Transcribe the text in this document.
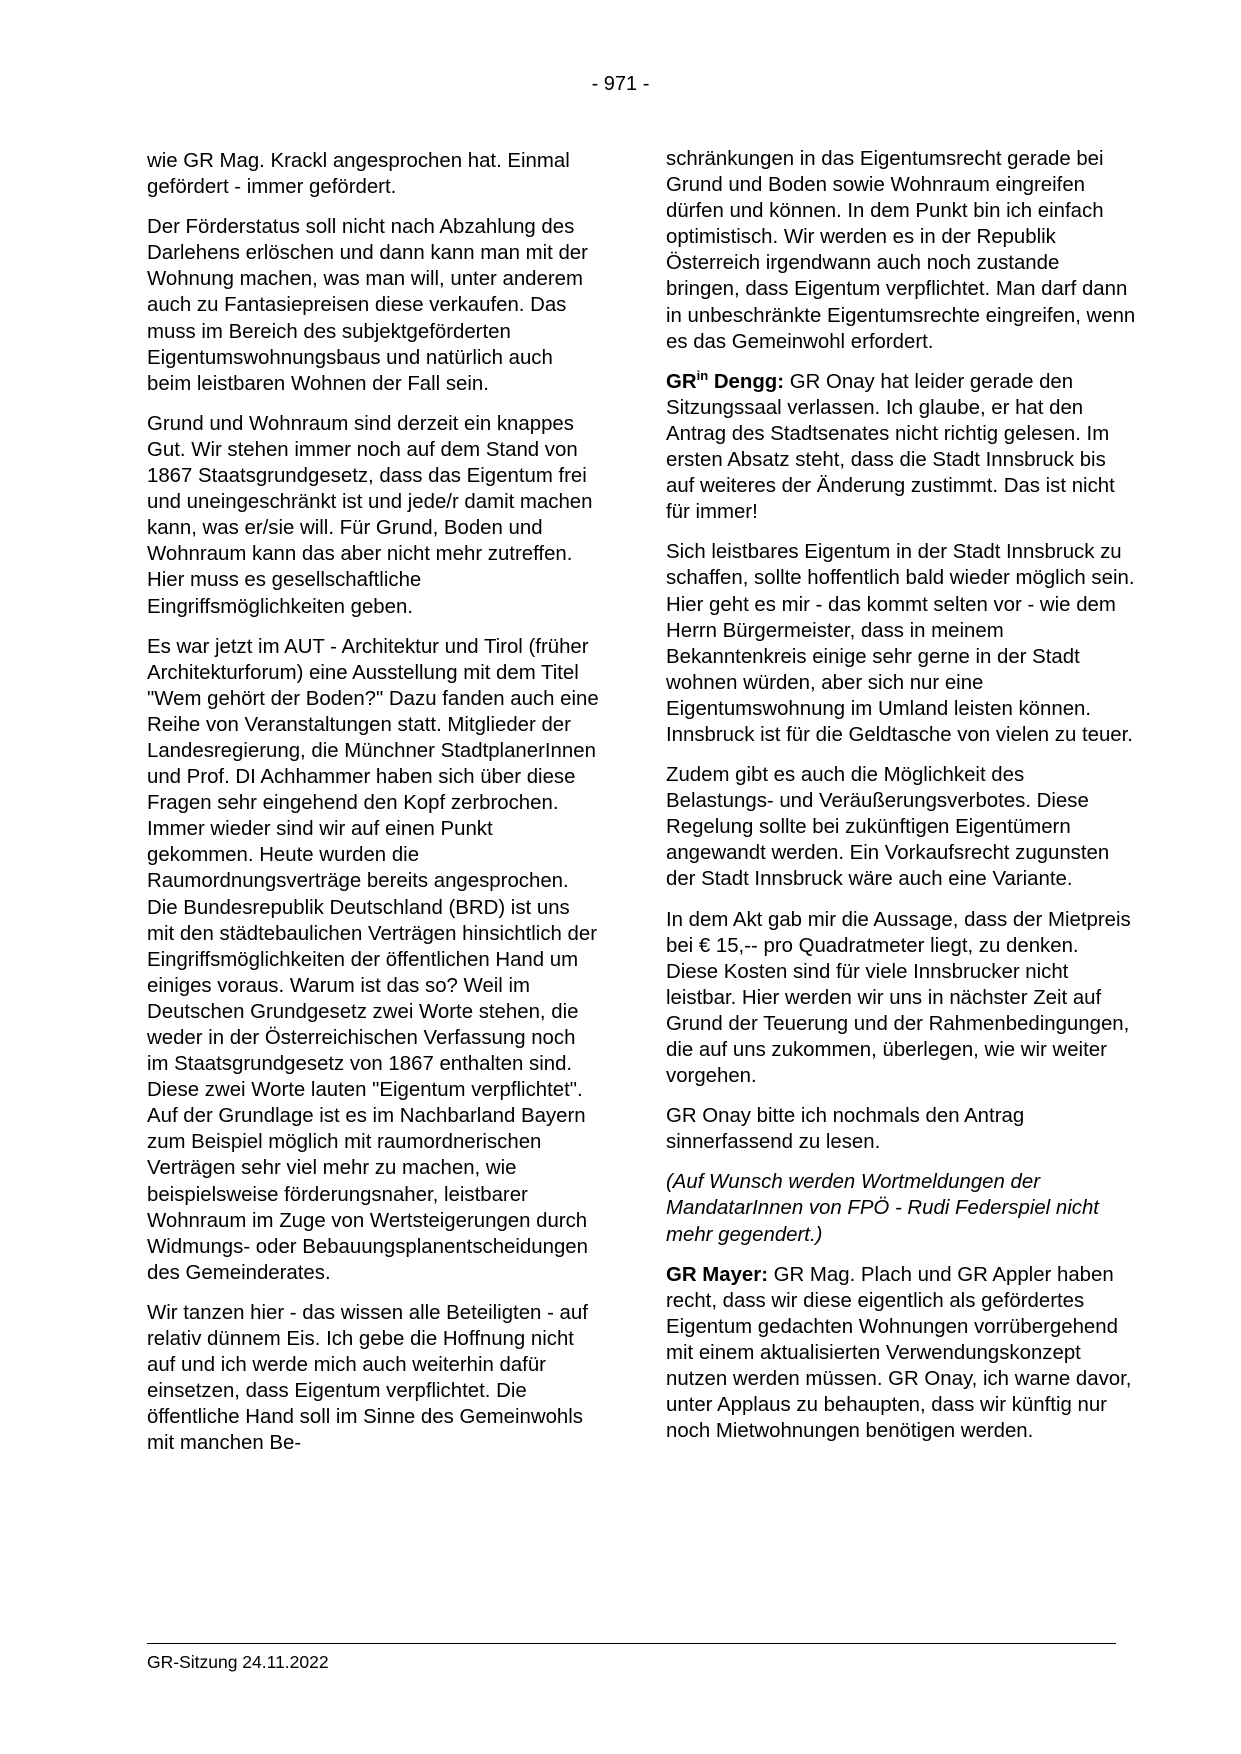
- 971 -

wie GR Mag. Krackl angesprochen hat. Einmal gefördert - immer gefördert.

Der Förderstatus soll nicht nach Abzahlung des Darlehens erlöschen und dann kann man mit der Wohnung machen, was man will, unter anderem auch zu Fantasiepreisen diese verkaufen. Das muss im Bereich des subjektgeförderten Eigentumswohnungsbaus und natürlich auch beim leistbaren Wohnen der Fall sein.

Grund und Wohnraum sind derzeit ein knappes Gut. Wir stehen immer noch auf dem Stand von 1867 Staatsgrundgesetz, dass das Eigentum frei und uneingeschränkt ist und jede/r damit machen kann, was er/sie will. Für Grund, Boden und Wohnraum kann das aber nicht mehr zutreffen. Hier muss es gesellschaftliche Eingriffsmöglichkeiten geben.

Es war jetzt im AUT - Architektur und Tirol (früher Architekturforum) eine Ausstellung mit dem Titel "Wem gehört der Boden?" Dazu fanden auch eine Reihe von Veranstaltungen statt. Mitglieder der Landesregierung, die Münchner StadtplanerInnen und Prof. DI Achhammer haben sich über diese Fragen sehr eingehend den Kopf zerbrochen. Immer wieder sind wir auf einen Punkt gekommen. Heute wurden die Raumordnungsverträge bereits angesprochen. Die Bundesrepublik Deutschland (BRD) ist uns mit den städtebaulichen Verträgen hinsichtlich der Eingriffsmöglichkeiten der öffentlichen Hand um einiges voraus. Warum ist das so? Weil im Deutschen Grundgesetz zwei Worte stehen, die weder in der Österreichischen Verfassung noch im Staatsgrundgesetz von 1867 enthalten sind. Diese zwei Worte lauten "Eigentum verpflichtet". Auf der Grundlage ist es im Nachbarland Bayern zum Beispiel möglich mit raumordnerischen Verträgen sehr viel mehr zu machen, wie beispielsweise förderungsnaher, leistbarer Wohnraum im Zuge von Wertsteigerungen durch Widmungs- oder Bebauungsplanentscheidungen des Gemeinderates.

Wir tanzen hier - das wissen alle Beteiligten - auf relativ dünnem Eis. Ich gebe die Hoffnung nicht auf und ich werde mich auch weiterhin dafür einsetzen, dass Eigentum verpflichtet. Die öffentliche Hand soll im Sinne des Gemeinwohls mit manchen Be-

schränkungen in das Eigentumsrecht gerade bei Grund und Boden sowie Wohnraum eingreifen dürfen und können. In dem Punkt bin ich einfach optimistisch. Wir werden es in der Republik Österreich irgendwann auch noch zustande bringen, dass Eigentum verpflichtet. Man darf dann in unbeschränkte Eigentumsrechte eingreifen, wenn es das Gemeinwohl erfordert.

$GR^{in}$ Dengg: GR Onay hat leider gerade den Sitzungssaal verlassen. Ich glaube, er hat den Antrag des Stadtsenates nicht richtig gelesen. Im ersten Absatz steht, dass die Stadt Innsbruck bis auf weiteres der Änderung zustimmt. Das ist nicht für immer!

Sich leistbares Eigentum in der Stadt Innsbruck zu schaffen, sollte hoffentlich bald wieder möglich sein. Hier geht es mir - das kommt selten vor - wie dem Herrn Bürgermeister, dass in meinem Bekanntenkreis einige sehr gerne in der Stadt wohnen würden, aber sich nur eine Eigentumswohnung im Umland leisten können. Innsbruck ist für die Geldtasche von vielen zu teuer.

Zudem gibt es auch die Möglichkeit des Belastungs- und Veräußerungsverbotes. Diese Regelung sollte bei zukünftigen Eigentümern angewandt werden. Ein Vorkaufsrecht zugunsten der Stadt Innsbruck wäre auch eine Variante.

In dem Akt gab mir die Aussage, dass der Mietpreis bei € 15,-- pro Quadratmeter liegt, zu denken. Diese Kosten sind für viele Innsbrucker nicht leistbar. Hier werden wir uns in nächster Zeit auf Grund der Teuerung und der Rahmenbedingungen, die auf uns zukommen, überlegen, wie wir weiter vorgehen.

GR Onay bitte ich nochmals den Antrag sinnerfassend zu lesen.

(Auf Wunsch werden Wortmeldungen der MandatarInnen von FPÖ - Rudi Federspiel nicht mehr gegendert.)

GR Mayer: GR Mag. Plach und GR Appler haben recht, dass wir diese eigentlich als gefördertes Eigentum gedachten Wohnungen vorrübergehend mit einem aktualisierten Verwendungskonzept nutzen werden müssen. GR Onay, ich warne davor, unter Applaus zu behaupten, dass wir künftig nur noch Mietwohnungen benötigen werden.

GR-Sitzung 24.11.2022
